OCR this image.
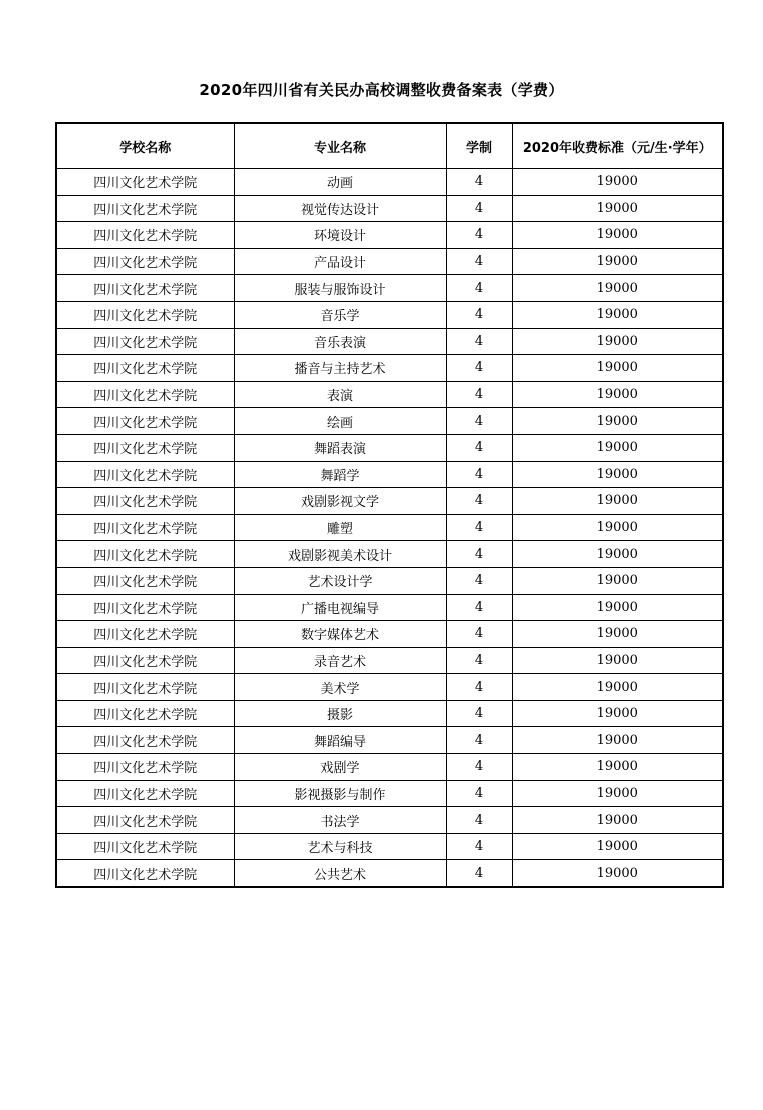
2020年四川省有关民办高校调整收费备案表（学费）
学校名称	专业名称	学制	2020年收费标准（元/生·学年）
四川文化艺术学院	动画	4	19000
四川文化艺术学院	视觉传达设计	4	19000
四川文化艺术学院	环境设计	4	19000
四川文化艺术学院	产品设计	4	19000
四川文化艺术学院	服装与服饰设计	4	19000
四川文化艺术学院	音乐学	4	19000
四川文化艺术学院	音乐表演	4	19000
四川文化艺术学院	播音与主持艺术	4	19000
四川文化艺术学院	表演	4	19000
四川文化艺术学院	绘画	4	19000
四川文化艺术学院	舞蹈表演	4	19000
四川文化艺术学院	舞蹈学	4	19000
四川文化艺术学院	戏剧影视文学	4	19000
四川文化艺术学院	雕塑	4	19000
四川文化艺术学院	戏剧影视美术设计	4	19000
四川文化艺术学院	艺术设计学	4	19000
四川文化艺术学院	广播电视编导	4	19000
四川文化艺术学院	数字媒体艺术	4	19000
四川文化艺术学院	录音艺术	4	19000
四川文化艺术学院	美术学	4	19000
四川文化艺术学院	摄影	4	19000
四川文化艺术学院	舞蹈编导	4	19000
四川文化艺术学院	戏剧学	4	19000
四川文化艺术学院	影视摄影与制作	4	19000
四川文化艺术学院	书法学	4	19000
四川文化艺术学院	艺术与科技	4	19000
四川文化艺术学院	公共艺术	4	19000
